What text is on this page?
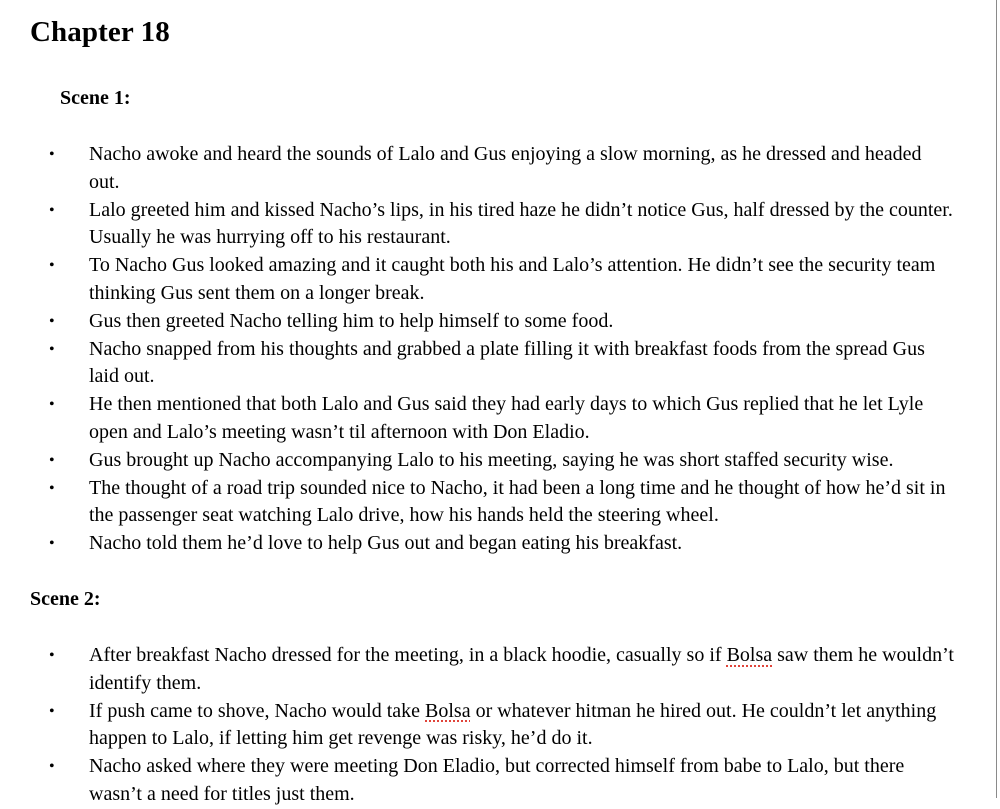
Chapter 18
Scene 1:
• Nacho awoke and heard the sounds of Lalo and Gus enjoying a slow morning, as he dressed and headed out.
• Lalo greeted him and kissed Nacho’s lips, in his tired haze he didn’t notice Gus, half dressed by the counter. Usually he was hurrying off to his restaurant.
• To Nacho Gus looked amazing and it caught both his and Lalo’s attention. He didn’t see the security team thinking Gus sent them on a longer break.
• Gus then greeted Nacho telling him to help himself to some food.
• Nacho snapped from his thoughts and grabbed a plate filling it with breakfast foods from the spread Gus laid out.
• He then mentioned that both Lalo and Gus said they had early days to which Gus replied that he let Lyle open and Lalo’s meeting wasn’t til afternoon with Don Eladio.
• Gus brought up Nacho accompanying Lalo to his meeting, saying he was short staffed security wise.
• The thought of a road trip sounded nice to Nacho, it had been a long time and he thought of how he’d sit in the passenger seat watching Lalo drive, how his hands held the steering wheel.
• Nacho told them he’d love to help Gus out and began eating his breakfast.
Scene 2:
• After breakfast Nacho dressed for the meeting, in a black hoodie, casually so if Bolsa saw them he wouldn’t identify them.
• If push came to shove, Nacho would take Bolsa or whatever hitman he hired out. He couldn’t let anything happen to Lalo, if letting him get revenge was risky, he’d do it.
• Nacho asked where they were meeting Don Eladio, but corrected himself from babe to Lalo, but there wasn’t a need for titles just them.
